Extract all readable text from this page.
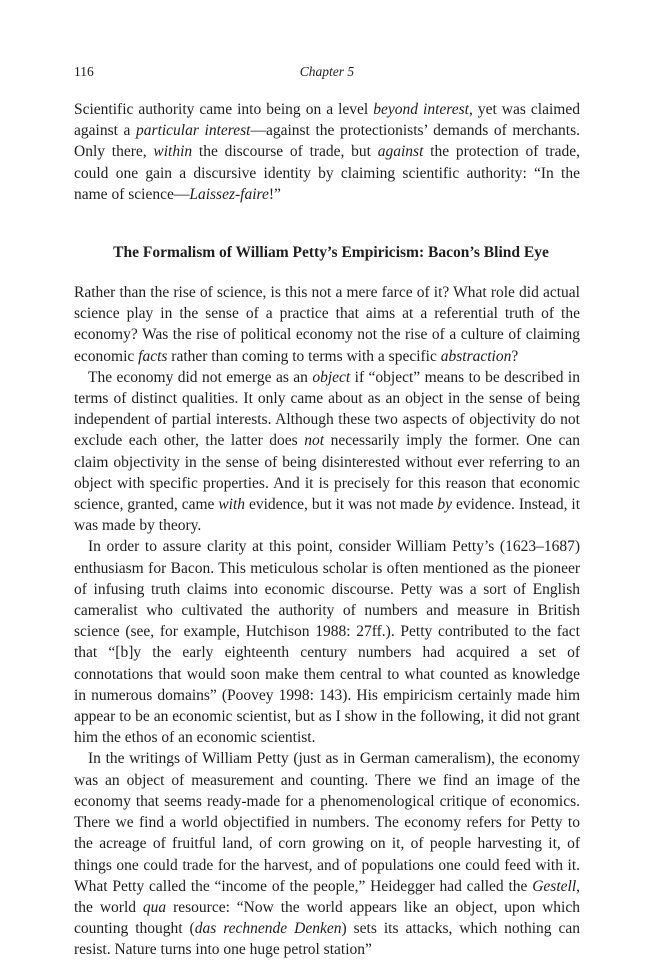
116	Chapter 5

Scientific authority came into being on a level beyond interest, yet was claimed against a particular interest—against the protectionists’ demands of merchants. Only there, within the discourse of trade, but against the protection of trade, could one gain a discursive identity by claiming scientific authority: “In the name of science—Laissez-faire!”

The Formalism of William Petty’s Empiricism: Bacon’s Blind Eye

Rather than the rise of science, is this not a mere farce of it? What role did actual science play in the sense of a practice that aims at a referential truth of the economy? Was the rise of political economy not the rise of a culture of claiming economic facts rather than coming to terms with a specific abstraction?

The economy did not emerge as an object if “object” means to be described in terms of distinct qualities. It only came about as an object in the sense of being independent of partial interests. Although these two aspects of objectivity do not exclude each other, the latter does not necessarily imply the former. One can claim objectivity in the sense of being disinterested without ever referring to an object with specific properties. And it is precisely for this reason that economic science, granted, came with evidence, but it was not made by evidence. Instead, it was made by theory.

In order to assure clarity at this point, consider William Petty’s (1623–1687) enthusiasm for Bacon. This meticulous scholar is often mentioned as the pioneer of infusing truth claims into economic discourse. Petty was a sort of English cameralist who cultivated the authority of numbers and measure in British science (see, for example, Hutchison 1988: 27ff.). Petty contributed to the fact that “[b]y the early eighteenth century numbers had acquired a set of connotations that would soon make them central to what counted as knowledge in numerous domains” (Poovey 1998: 143). His empiricism certainly made him appear to be an economic scientist, but as I show in the following, it did not grant him the ethos of an economic scientist.

In the writings of William Petty (just as in German cameralism), the economy was an object of measurement and counting. There we find an image of the economy that seems ready-made for a phenomenological critique of economics. There we find a world objectified in numbers. The economy refers for Petty to the acreage of fruitful land, of corn growing on it, of people harvesting it, of things one could trade for the harvest, and of populations one could feed with it. What Petty called the “income of the people,” Heidegger had called the Gestell, the world qua resource: “Now the world appears like an object, upon which counting thought (das rechnende Denken) sets its attacks, which nothing can resist. Nature turns into one huge petrol station”
